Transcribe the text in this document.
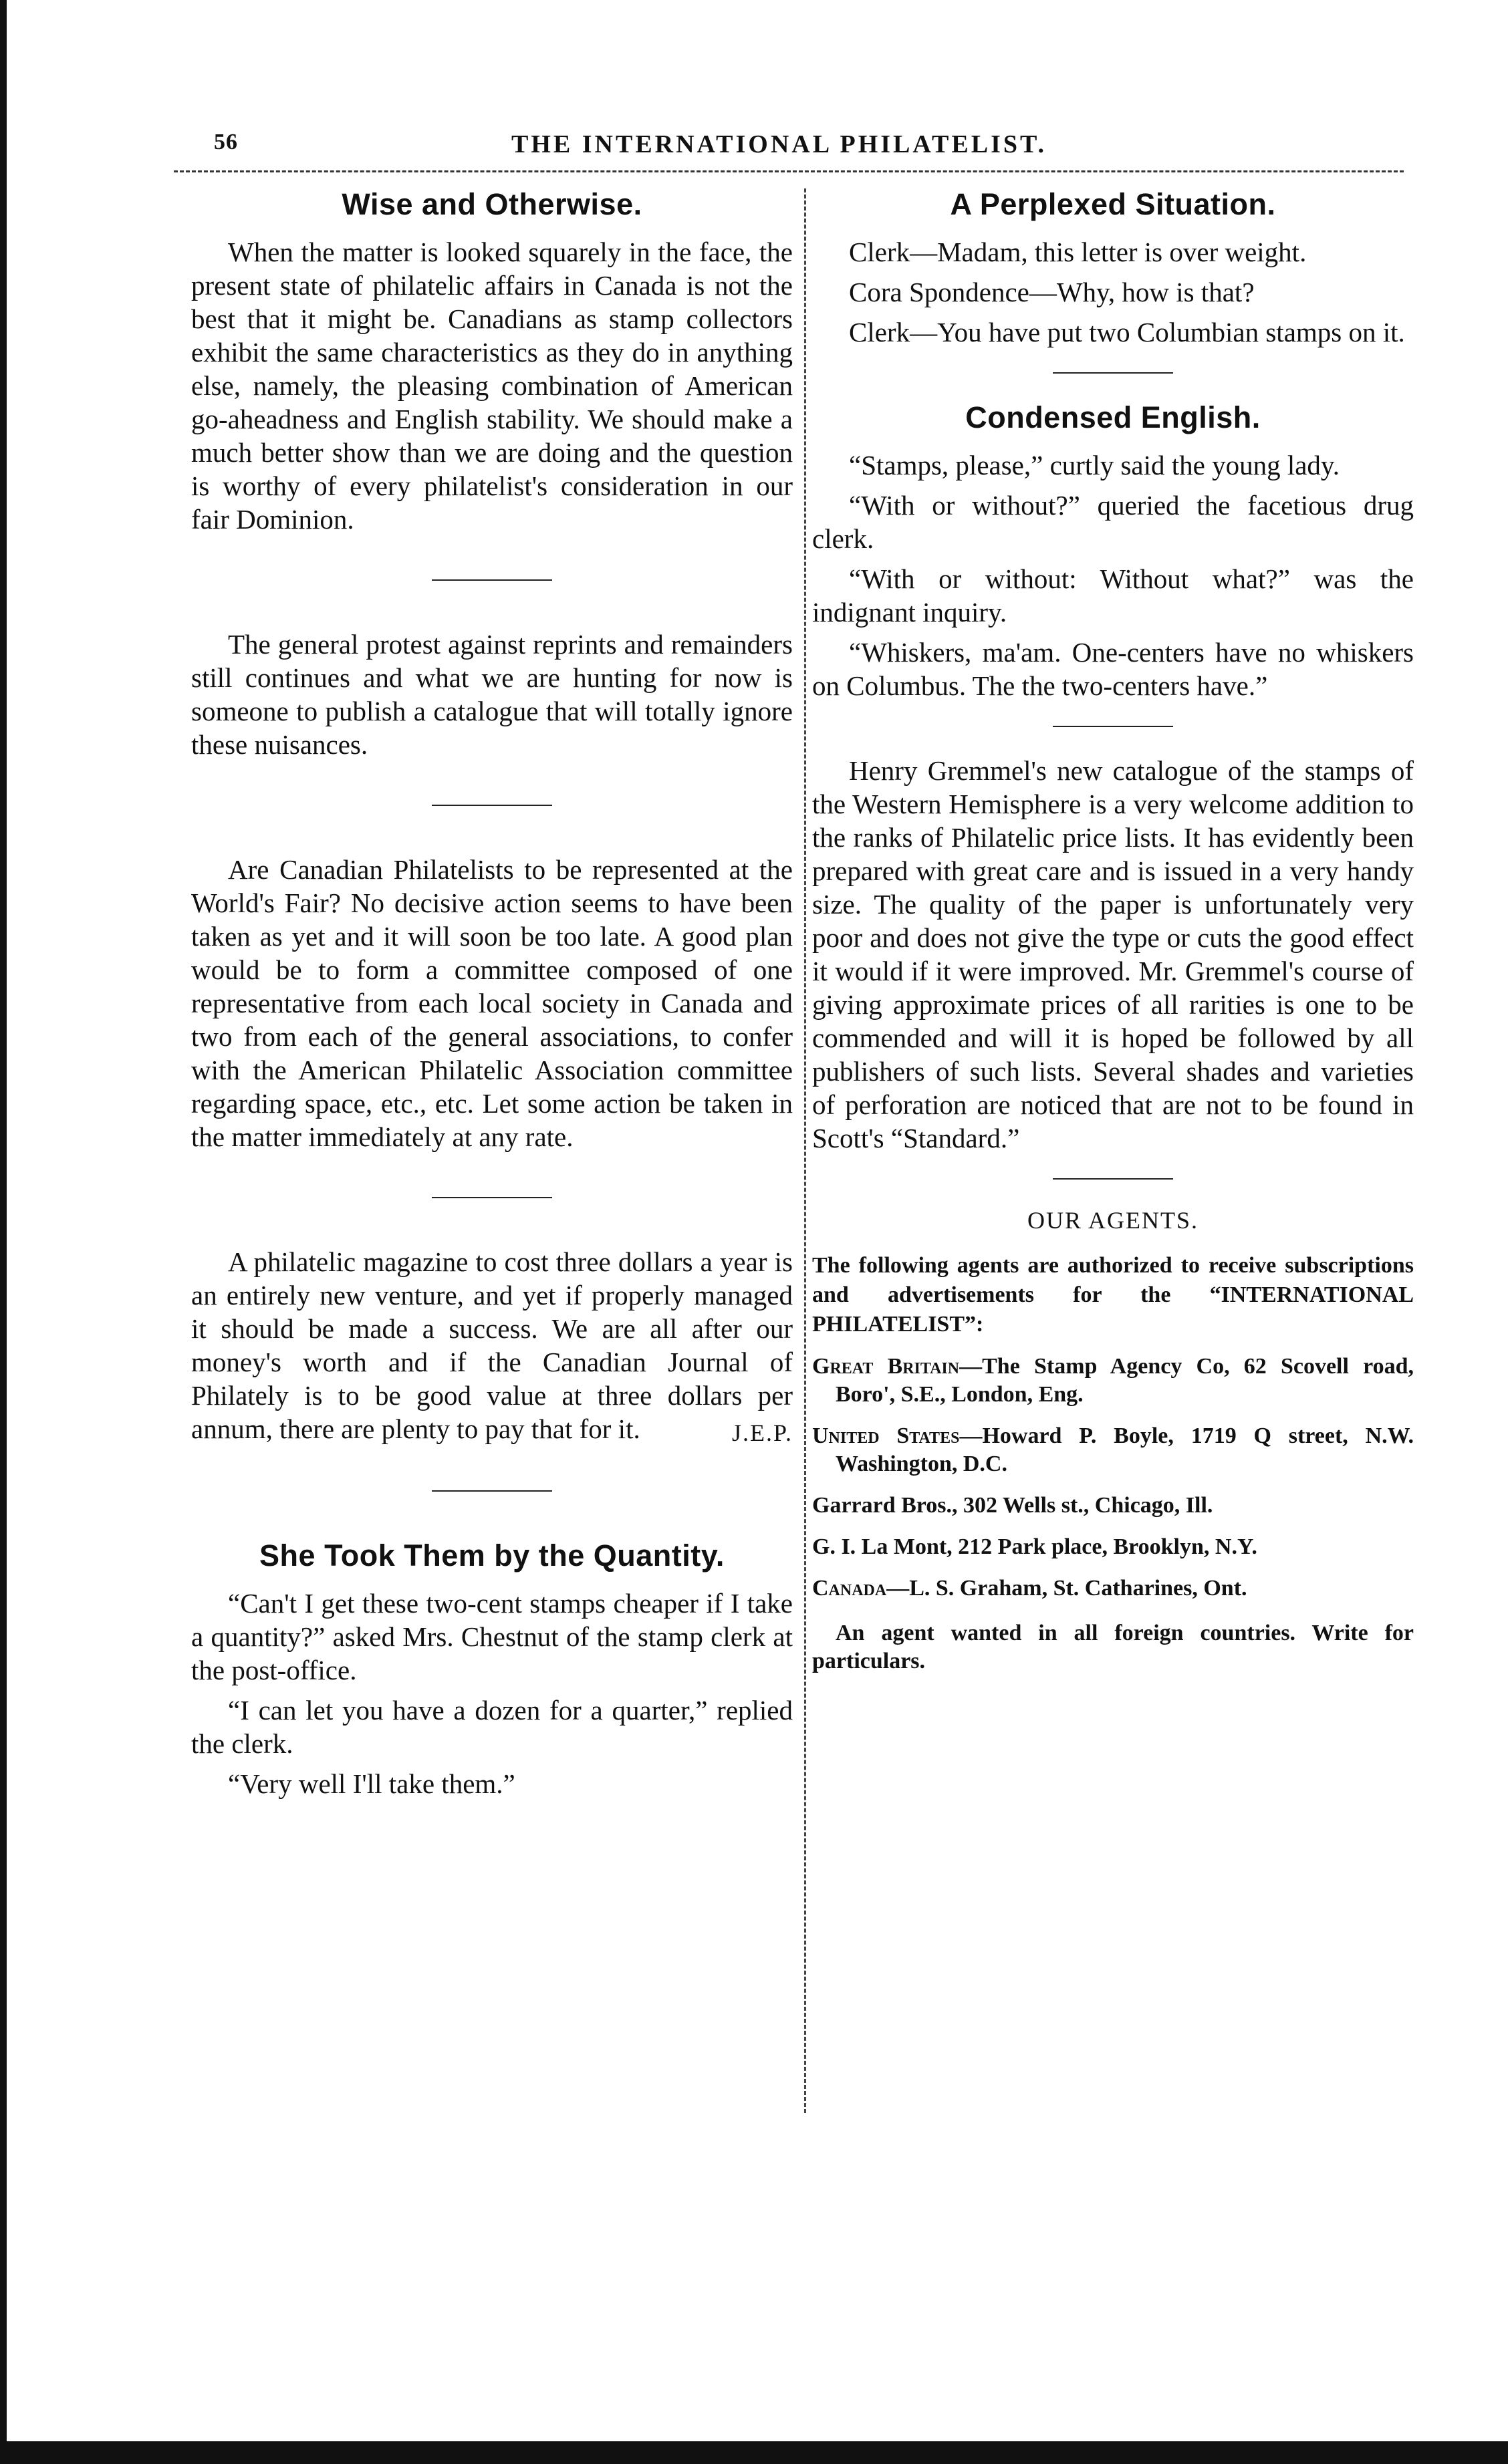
56	THE INTERNATIONAL PHILATELIST.
Wise and Otherwise.

When the matter is looked squarely in the face, the present state of philatelic affairs in Canada is not the best that it might be. Canadians as stamp collectors exhibit the same characteristics as they do in anything else, namely, the pleasing combination of American go-aheadness and English stability. We should make a much better show than we are doing and the question is worthy of every philatelist's consideration in our fair Dominion.

The general protest against reprints and remainders still continues and what we are hunting for now is someone to publish a catalogue that will totally ignore these nuisances.

Are Canadian Philatelists to be represented at the World's Fair? No decisive action seems to have been taken as yet and it will soon be too late. A good plan would be to form a committee composed of one representative from each local society in Canada and two from each of the general associations, to confer with the American Philatelic Association committee regarding space, etc., etc. Let some action be taken in the matter immediately at any rate.

A philatelic magazine to cost three dollars a year is an entirely new venture, and yet if properly managed it should be made a success. We are all after our money's worth and if the Canadian Journal of Philately is to be good value at three dollars per annum, there are plenty to pay that for it.	J.E.P.
She Took Them by the Quantity.

“Can't I get these two-cent stamps cheaper if I take a quantity?” asked Mrs. Chestnut of the stamp clerk at the post-office.

“I can let you have a dozen for a quarter,” replied the clerk.

“Very well I'll take them.”

A Perplexed Situation.

Clerk—Madam, this letter is over weight.

Cora Spondence—Why, how is that?

Clerk—You have put two Columbian stamps on it.

Condensed English.

“Stamps, please,” curtly said the young lady.

“With or without?” queried the facetious drug clerk.

“With or without: Without what?” was the indignant inquiry.

“Whiskers, ma'am. One-centers have no whiskers on Columbus. The the two-centers have.”

Henry Gremmel's new catalogue of the stamps of the Western Hemisphere is a very welcome addition to the ranks of Philatelic price lists. It has evidently been prepared with great care and is issued in a very handy size. The quality of the paper is unfortunately very poor and does not give the type or cuts the good effect it would if it were improved. Mr. Gremmel's course of giving approximate prices of all rarities is one to be commended and will it is hoped be followed by all publishers of such lists. Several shades and varieties of perforation are noticed that are not to be found in Scott's “Standard.”

OUR AGENTS.

The following agents are authorized to receive subscriptions and advertisements for the “INTERNATIONAL PHILATELIST”:

Great Britain—The Stamp Agency Co, 62 Scovell road, Boro', S.E., London, Eng.

United States—Howard P. Boyle, 1719 Q street, N.W. Washington, D.C.

Garrard Bros., 302 Wells st., Chicago, Ill.

G. I. La Mont, 212 Park place, Brooklyn, N.Y.

Canada—L. S. Graham, St. Catharines, Ont.

An agent wanted in all foreign countries. Write for particulars.
